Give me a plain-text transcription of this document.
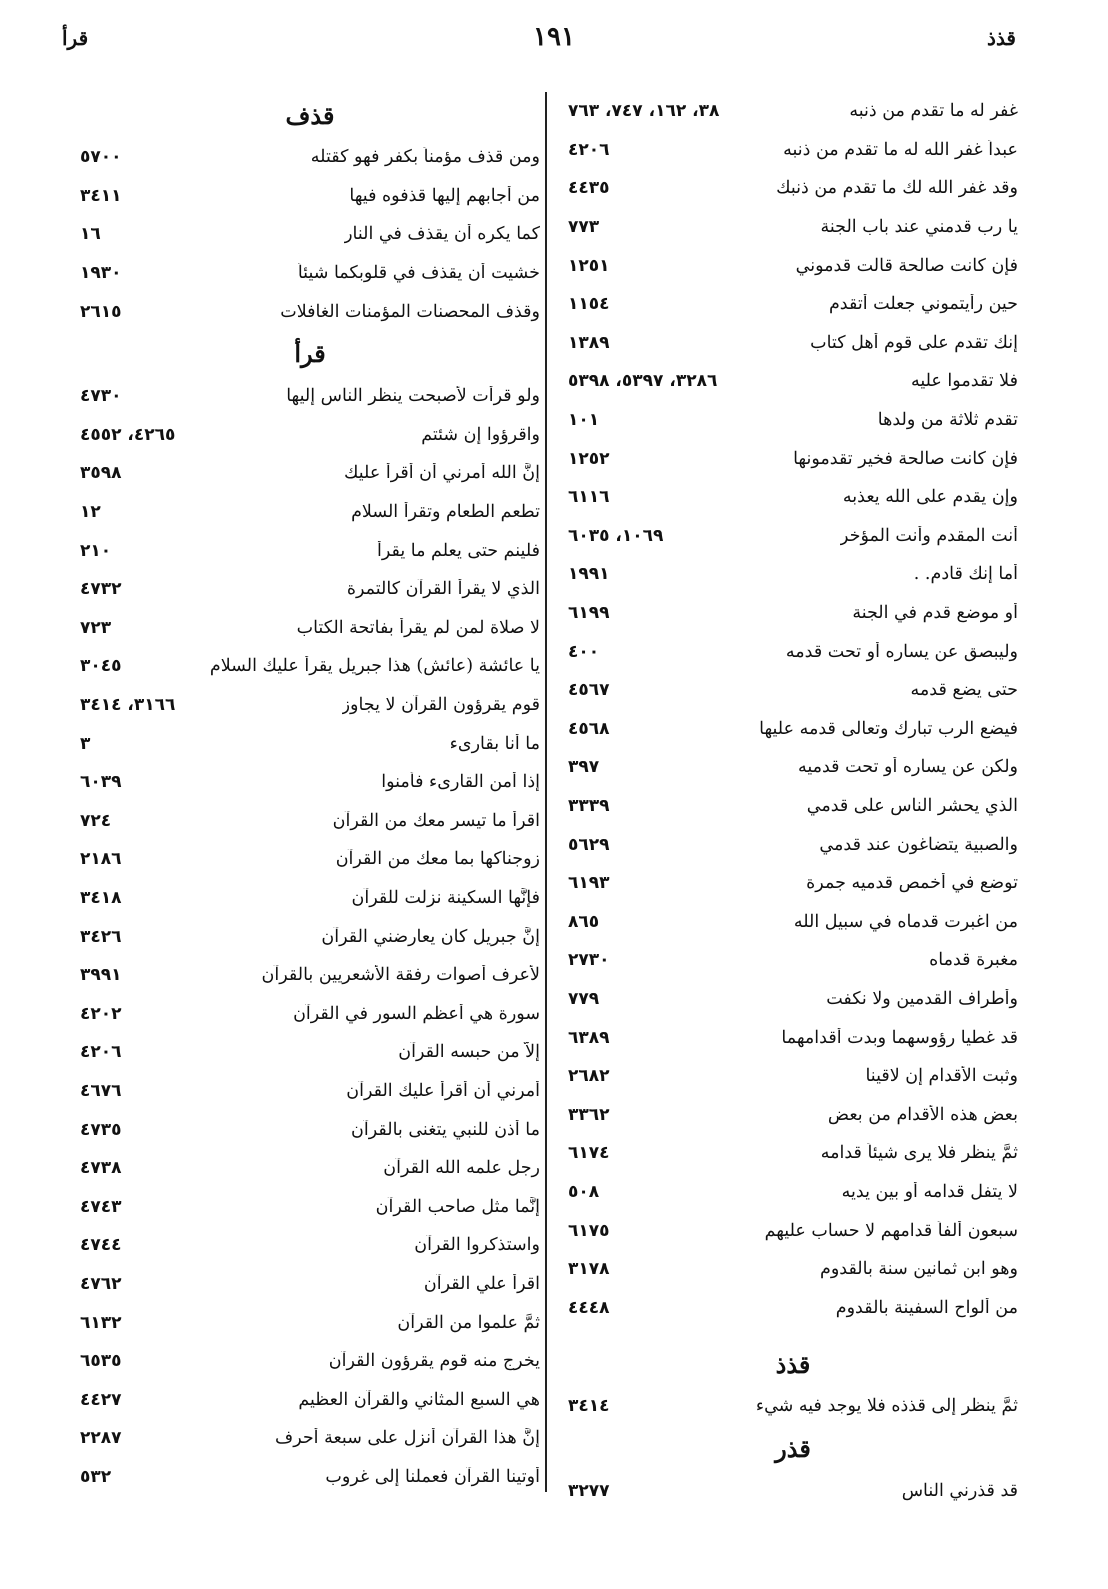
قذذ
١٩١
قرأ
غفر له ما تقدم من ذنبه
٣٨، ١٦٢، ٧٤٧، ٧٦٣
عبداً غفر الله له ما تقدم من ذنبه
٤٢٠٦
وقد غفر الله لك ما تقدم من ذنبك
٤٤٣٥
يا رب قدمني عند باب الجنة
٧٧٣
فإن كانت صالحة قالت قدموني
١٢٥١
حين رأيتموني جعلت أتقدم
١١٥٤
إنك تقدم على قوم أهل كتاب
١٣٨٩
فلا تقدموا عليه
٣٢٨٦، ٥٣٩٧، ٥٣٩٨
تقدم ثلاثة من ولدها
١٠١
فإن كانت صالحة فخير تقدمونها
١٢٥٢
وإن يقدم على الله يعذبه
٦١١٦
أنت المقدم وأنت المؤخر
١٠٦٩، ٦٠٣٥
أما إنك قادم. .
١٩٩١
أو موضع قدم في الجنة
٦١٩٩
وليبصق عن يساره أو تحت قدمه
٤٠٠
حتى يضع قدمه
٤٥٦٧
فيضع الرب تبارك وتعالى قدمه عليها
٤٥٦٨
ولكن عن يساره أو تحت قدميه
٣٩٧
الذي يحشر الناس على قدمي
٣٣٣٩
والصبية يتضاغون عند قدمي
٥٦٢٩
توضع في أخمص قدميه جمرة
٦١٩٣
من اغبرت قدماه في سبيل الله
٨٦٥
مغبرة قدماه
٢٧٣٠
وأطراف القدمين ولا نكفت
٧٧٩
قد غطيا رؤوسهما وبدت أقدامهما
٦٣٨٩
وثبت الأقدام إن لاقينا
٢٦٨٢
بعض هذه الأقدام من بعض
٣٣٦٢
ثمَّ ينظر فلا يرى شيئاً قدامه
٦١٧٤
لا يتفل قدامه أو بين يديه
٥٠٨
سبعون ألفاً قدامهم لا حساب عليهم
٦١٧٥
وهو ابن ثمانين سنة بالقدوم
٣١٧٨
من ألواح السفينة بالقدوم
٤٤٤٨
قذذ
ثمَّ ينظر إلى قذذه فلا يوجد فيه شيء
٣٤١٤
قذر
قد قذرني الناس
٣٢٧٧
قذف
ومن قذف مؤمناً بكفر فهو كقتله
٥٧٠٠
من أجابهم إليها قذفوه فيها
٣٤١١
كما يكره أن يقذف في النار
١٦
خشيت أن يقذف في قلوبكما شيئاً
١٩٣٠
وقذف المحصنات المؤمنات الغافلات
٢٦١٥
قرأ
ولو قرأت لأصبحت ينظر الناس إليها
٤٧٣٠
واقرؤوا إن شئتم
٤٢٦٥، ٤٥٥٢
إنَّ الله أمرني أن أقرأ عليك
٣٥٩٨
تطعم الطعام وتقرأ السلام
١٢
فلينم حتى يعلم ما يقرأ
٢١٠
الذي لا يقرأ القرآن كالتمرة
٤٧٣٢
لا صلاة لمن لم يقرأ بفاتحة الكتاب
٧٢٣
يا عائشة (عائش) هذا جبريل يقرأ عليك السلام
٣٠٤٥
قوم يقرؤون القرآن لا يجاوز
٣١٦٦، ٣٤١٤
ما أنا بقارىء
٣
إذا أمن القارىء فأمنوا
٦٠٣٩
اقرأ ما تيسر معك من القرآن
٧٢٤
زوجناكها بما معك من القرآن
٢١٨٦
فإنَّها السكينة نزلت للقرآن
٣٤١٨
إنَّ جبريل كان يعارضني القرآن
٣٤٢٦
لأعرف أصوات رفقة الأشعريين بالقرآن
٣٩٩١
سورة هي أعظم السور في القرآن
٤٢٠٢
إلاَّ من حبسه القرآن
٤٢٠٦
أمرني أن أقرأ عليك القرآن
٤٦٧٦
ما أذن للنبي يتغنى بالقرآن
٤٧٣٥
رجل علمه الله القرآن
٤٧٣٨
إنَّما مثل صاحب القرآن
٤٧٤٣
واستذكروا القرآن
٤٧٤٤
اقرأ علي القرآن
٤٧٦٢
ثمَّ علموا من القرآن
٦١٣٢
يخرج منه قوم يقرؤون القرآن
٦٥٣٥
هي السبع المثاني والقرآن العظيم
٤٤٢٧
إنَّ هذا القرآن أنزل على سبعة أحرف
٢٢٨٧
أوتينا القرآن فعملنا إلى غروب
٥٣٢
